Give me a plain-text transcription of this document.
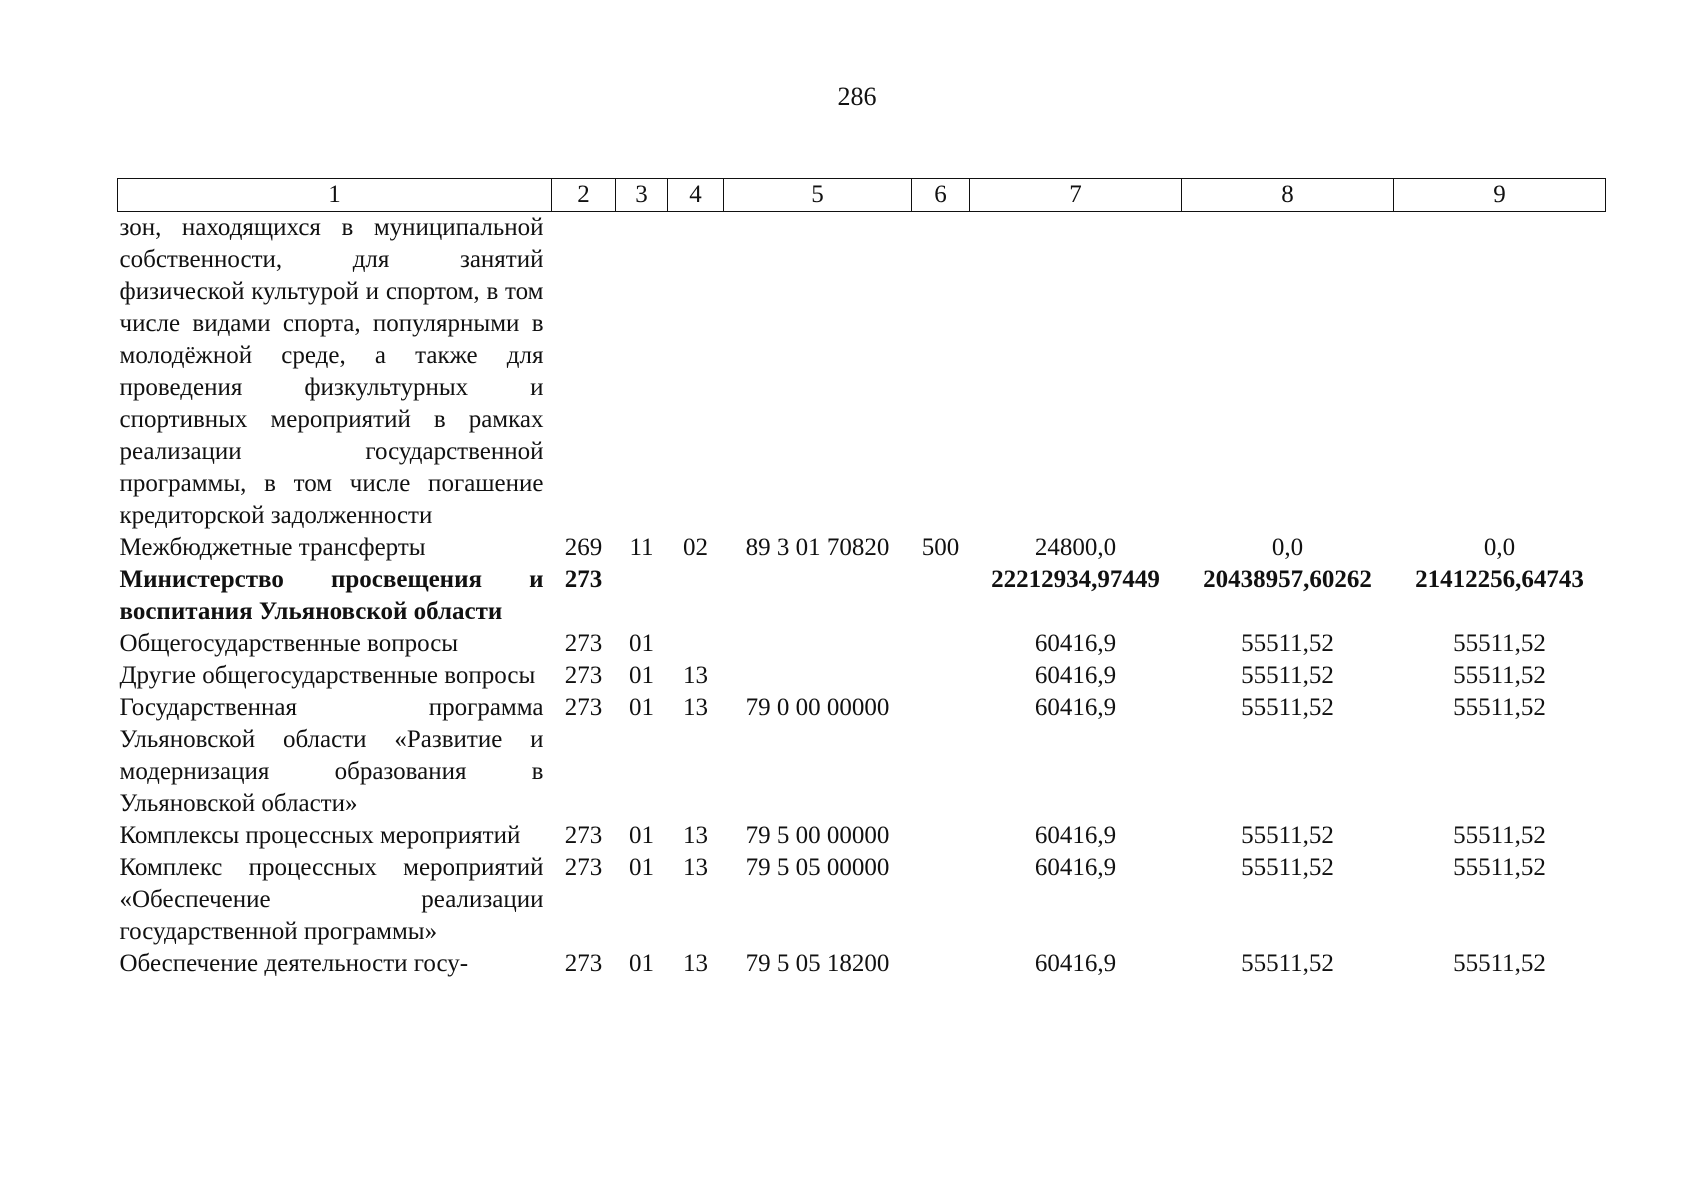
286
1	2	3	4	5	6	7	8	9
зон, находящихся в муниципальной собственности, для занятий физической культурой и спортом, в том числе видами спорта, популярными в молодёжной среде, а также для проведения физкультурных и спортивных мероприятий в рамках реализации государственной программы, в том числе погашение кредиторской задолженности								
Межбюджетные трансферты	269	11	02	89 3 01 70820	500	24800,0	0,0	0,0
Министерство просвещения и воспитания Ульяновской области	273					22212934,97449	20438957,60262	21412256,64743
Общегосударственные вопросы	273	01				60416,9	55511,52	55511,52
Другие общегосударственные вопросы	273	01	13			60416,9	55511,52	55511,52
Государственная программа Ульяновской области «Развитие и модернизация образования в Ульяновской области»	273	01	13	79 0 00 00000		60416,9	55511,52	55511,52
Комплексы процессных мероприятий	273	01	13	79 5 00 00000		60416,9	55511,52	55511,52
Комплекс процессных мероприятий «Обеспечение реализации государственной программы»	273	01	13	79 5 05 00000		60416,9	55511,52	55511,52
Обеспечение деятельности госу-	273	01	13	79 5 05 18200		60416,9	55511,52	55511,52
